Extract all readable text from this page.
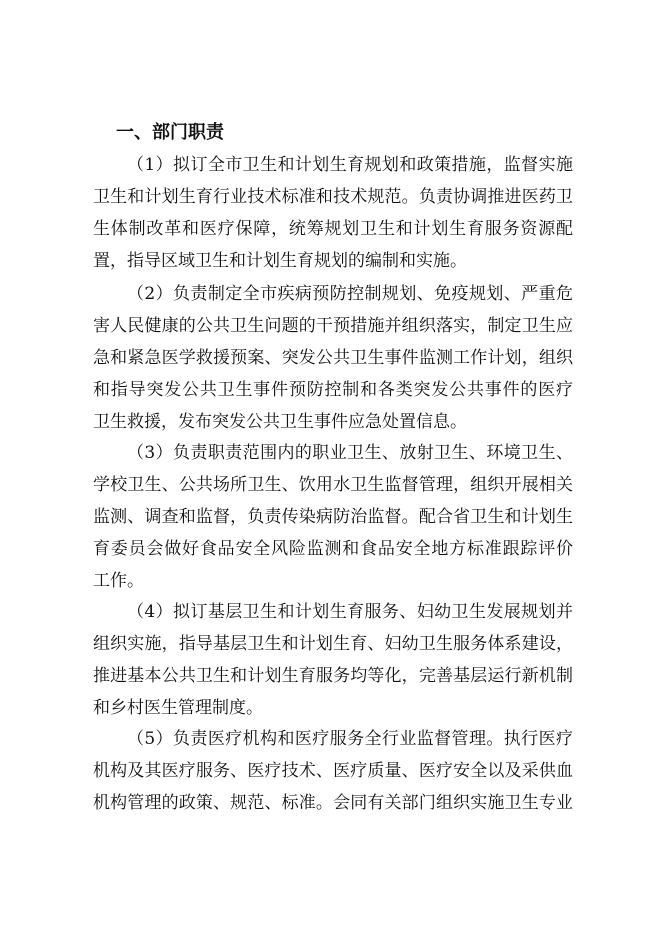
一、部门职责
（1）拟订全市卫生和计划生育规划和政策措施，监督实施
卫生和计划生育行业技术标准和技术规范。负责协调推进医药卫
生体制改革和医疗保障，统筹规划卫生和计划生育服务资源配
置，指导区域卫生和计划生育规划的编制和实施。
（2）负责制定全市疾病预防控制规划、免疫规划、严重危
害人民健康的公共卫生问题的干预措施并组织落实，制定卫生应
急和紧急医学救援预案、突发公共卫生事件监测工作计划，组织
和指导突发公共卫生事件预防控制和各类突发公共事件的医疗
卫生救援，发布突发公共卫生事件应急处置信息。
（3）负责职责范围内的职业卫生、放射卫生、环境卫生、
学校卫生、公共场所卫生、饮用水卫生监督管理，组织开展相关
监测、调查和监督，负责传染病防治监督。配合省卫生和计划生
育委员会做好食品安全风险监测和食品安全地方标准跟踪评价
工作。
（4）拟订基层卫生和计划生育服务、妇幼卫生发展规划并
组织实施，指导基层卫生和计划生育、妇幼卫生服务体系建设，
推进基本公共卫生和计划生育服务均等化，完善基层运行新机制
和乡村医生管理制度。
（5）负责医疗机构和医疗服务全行业监督管理。执行医疗
机构及其医疗服务、医疗技术、医疗质量、医疗安全以及采供血
机构管理的政策、规范、标准。会同有关部门组织实施卫生专业
